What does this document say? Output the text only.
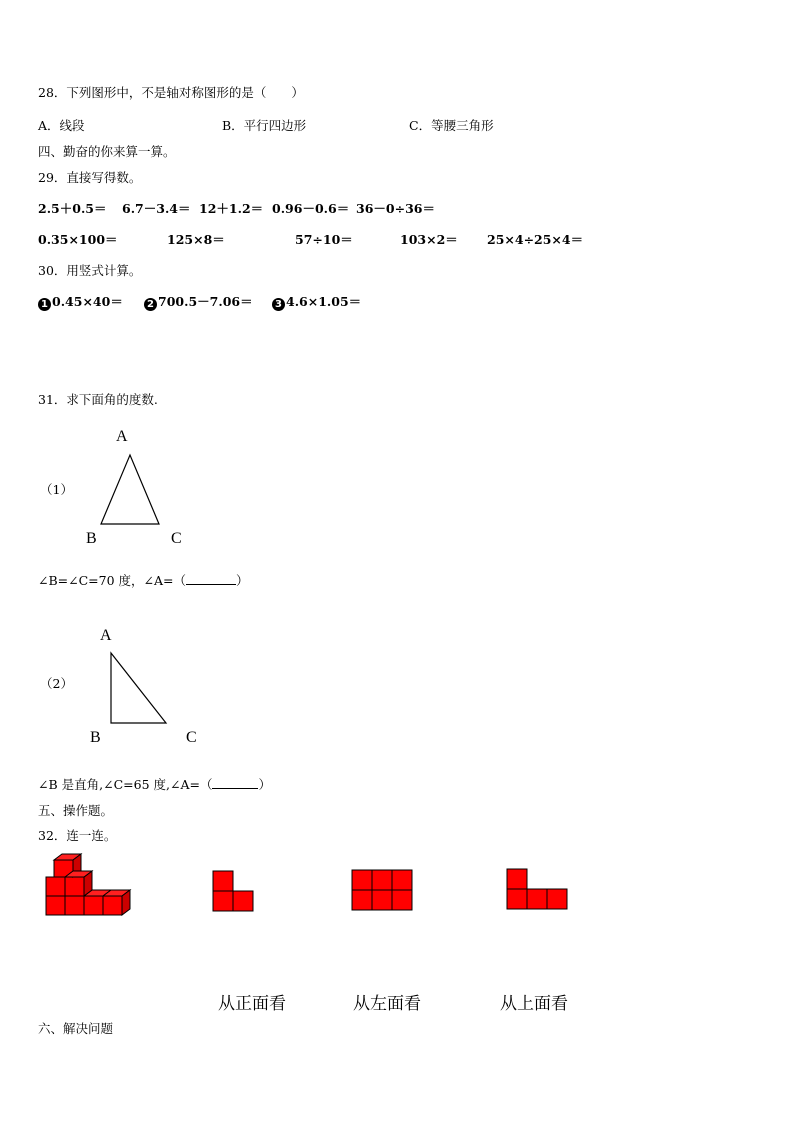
28．下列图形中，不是轴对称图形的是（　　）
A．线段	B．平行四边形	C．等腰三角形
四、勤奋的你来算一算。
29．直接写得数。
2.5＋0.5＝ 6.7－3.4＝ 12＋1.2＝ 0.96－0.6＝ 36－0÷36＝
0.35×100＝	125×8＝	57÷10＝	103×2＝ 25×4÷25×4＝
30．用竖式计算。
1 0.45×40＝	2 700.5－7.06＝	3 4.6×1.05＝
31．求下面角的度数.
（1）
A
B	C
∠B=∠C=70 度，∠A=（	）
（2）
A
B	C
∠B 是直角,∠C=65 度,∠A=（	）
五、操作题。
32．连一连。
从正面看	从左面看	从上面看
六、解决问题
